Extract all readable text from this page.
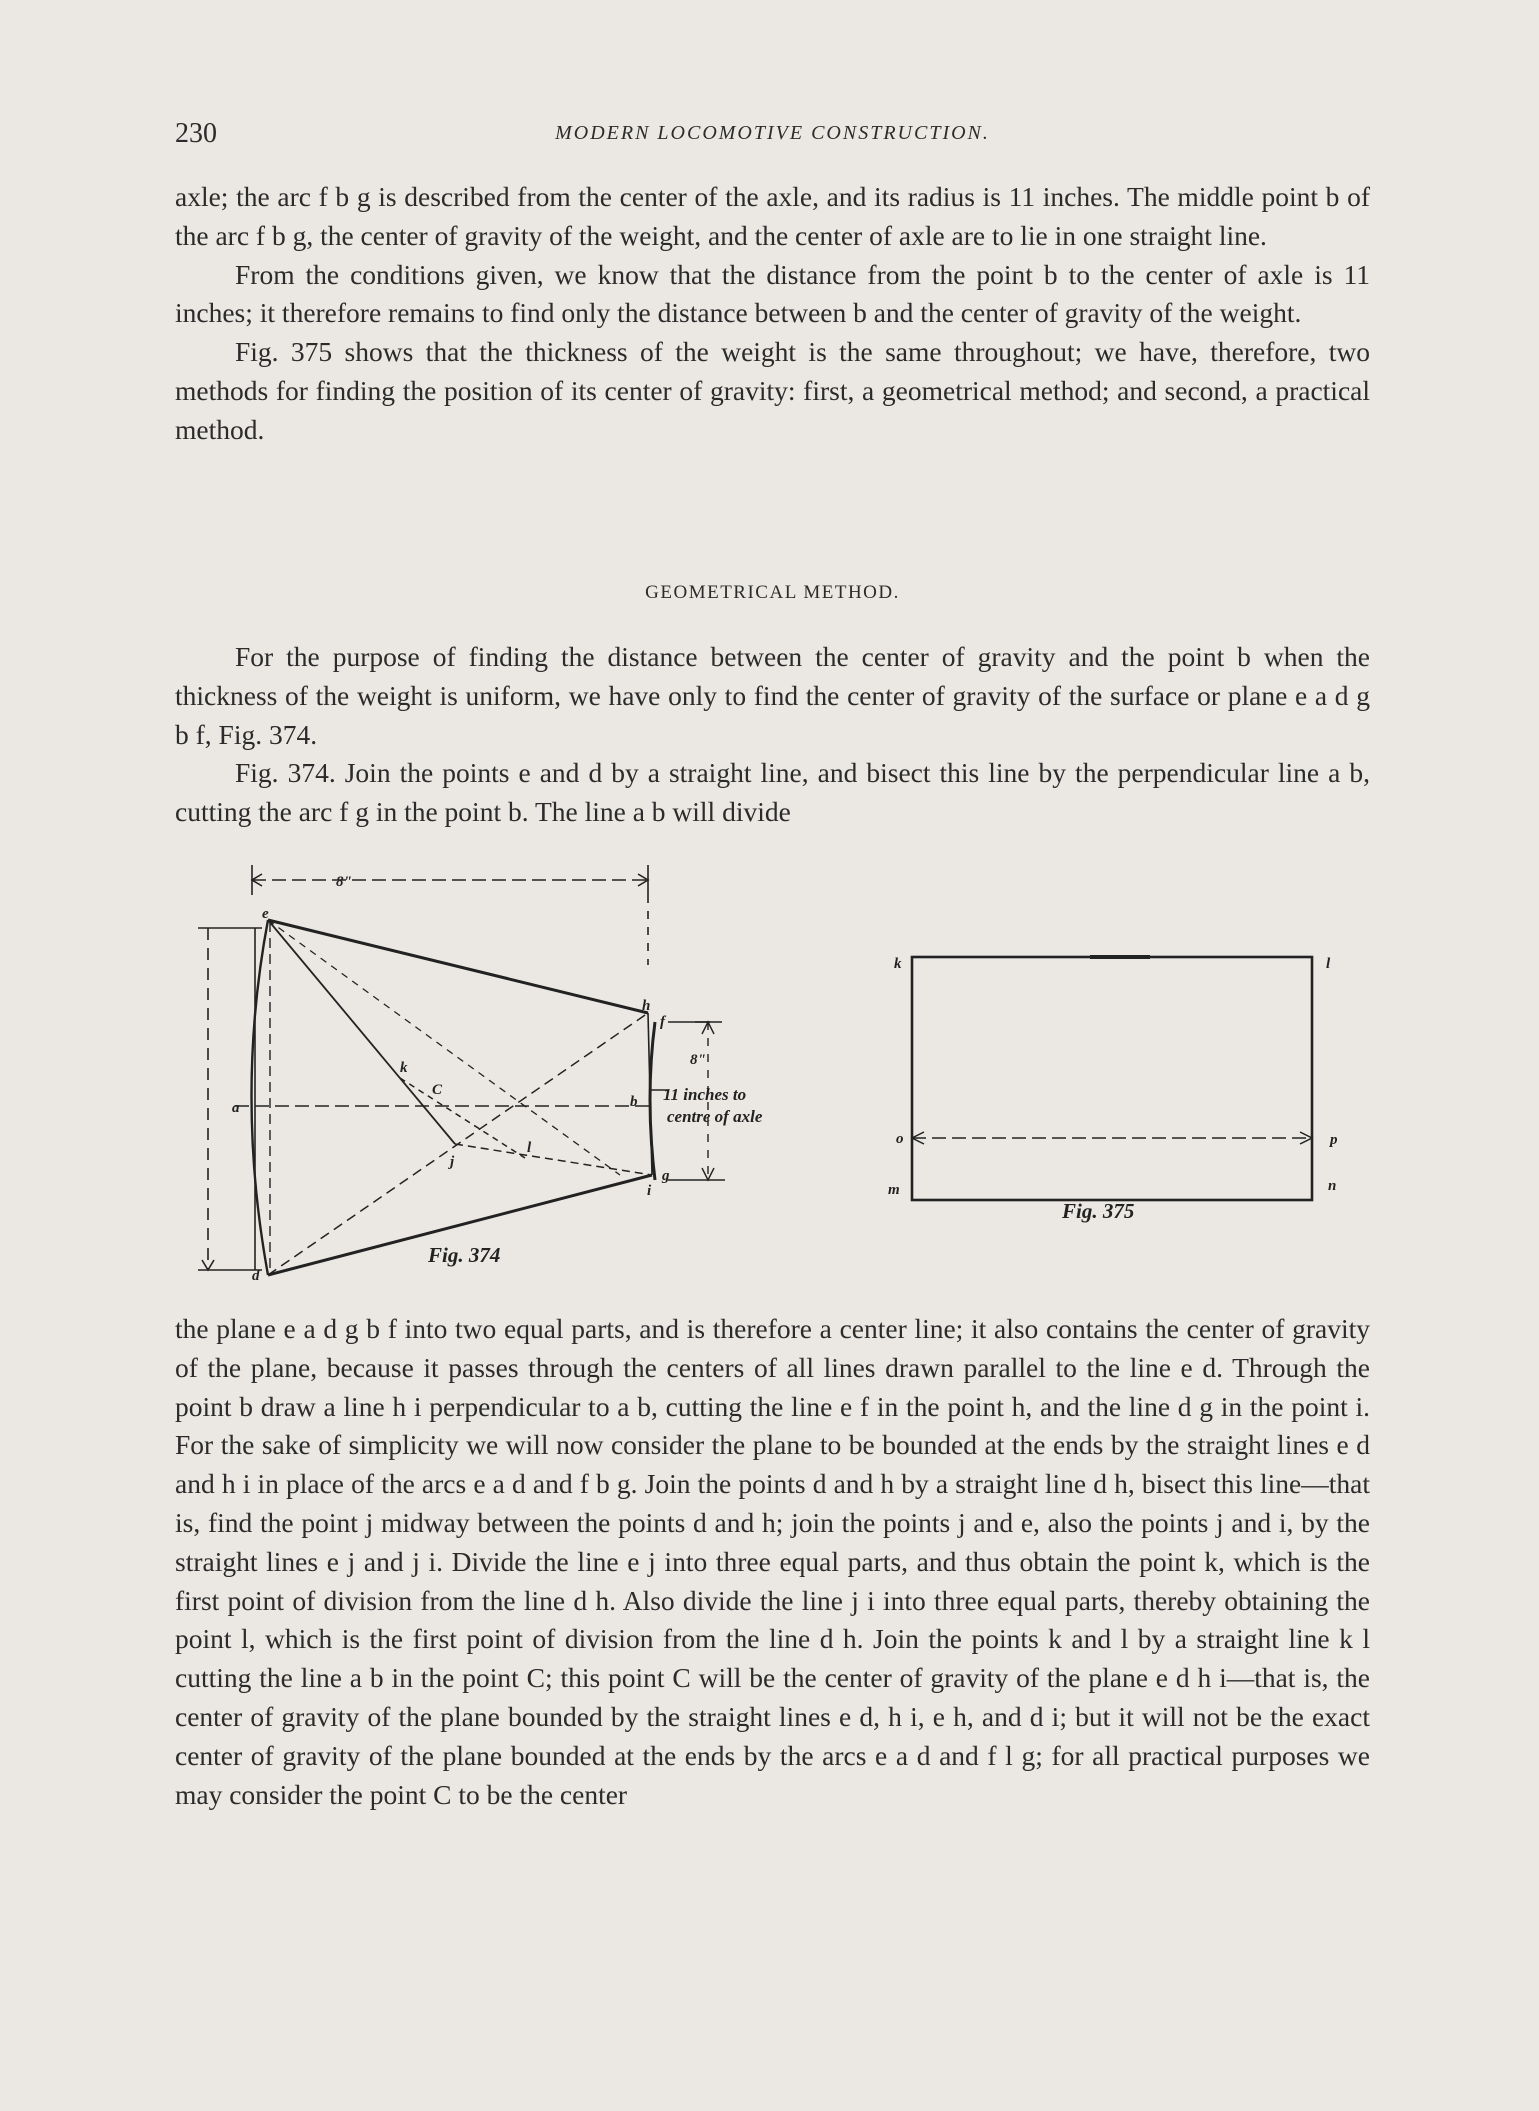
230	MODERN LOCOMOTIVE CONSTRUCTION.

axle; the arc f b g is described from the center of the axle, and its radius is 11 inches. The middle point b of the arc f b g, the center of gravity of the weight, and the center of axle are to lie in one straight line.

From the conditions given, we know that the distance from the point b to the center of axle is 11 inches; it therefore remains to find only the distance between b and the center of gravity of the weight.

Fig. 375 shows that the thickness of the weight is the same throughout; we have, therefore, two methods for finding the position of its center of gravity: first, a geometrical method; and second, a practical method.

GEOMETRICAL METHOD.

For the purpose of finding the distance between the center of gravity and the point b when the thickness of the weight is uniform, we have only to find the center of gravity of the surface or plane e a d g b f, Fig. 374.

Fig. 374. Join the points e and d by a straight line, and bisect this line by the perpendicular line a b, cutting the arc f g in the point b. The line a b will divide

8"
e
a
d
h
f
b
g
i
k
C
l
j
8"
11 inches to
centre of axle
Fig. 374
k	l
o	p
m	n
Fig. 375

the plane e a d g b f into two equal parts, and is therefore a center line; it also contains the center of gravity of the plane, because it passes through the centers of all lines drawn parallel to the line e d. Through the point b draw a line h i perpendicular to a b, cutting the line e f in the point h, and the line d g in the point i. For the sake of simplicity we will now consider the plane to be bounded at the ends by the straight lines e d and h i in place of the arcs e a d and f b g. Join the points d and h by a straight line d h, bisect this line—that is, find the point j midway between the points d and h; join the points j and e, also the points j and i, by the straight lines e j and j i. Divide the line e j into three equal parts, and thus obtain the point k, which is the first point of division from the line d h. Also divide the line j i into three equal parts, thereby obtaining the point l, which is the first point of division from the line d h. Join the points k and l by a straight line k l cutting the line a b in the point C; this point C will be the center of gravity of the plane e d h i—that is, the center of gravity of the plane bounded by the straight lines e d, h i, e h, and d i; but it will not be the exact center of gravity of the plane bounded at the ends by the arcs e a d and f l g; for all practical purposes we may consider the point C to be the center
